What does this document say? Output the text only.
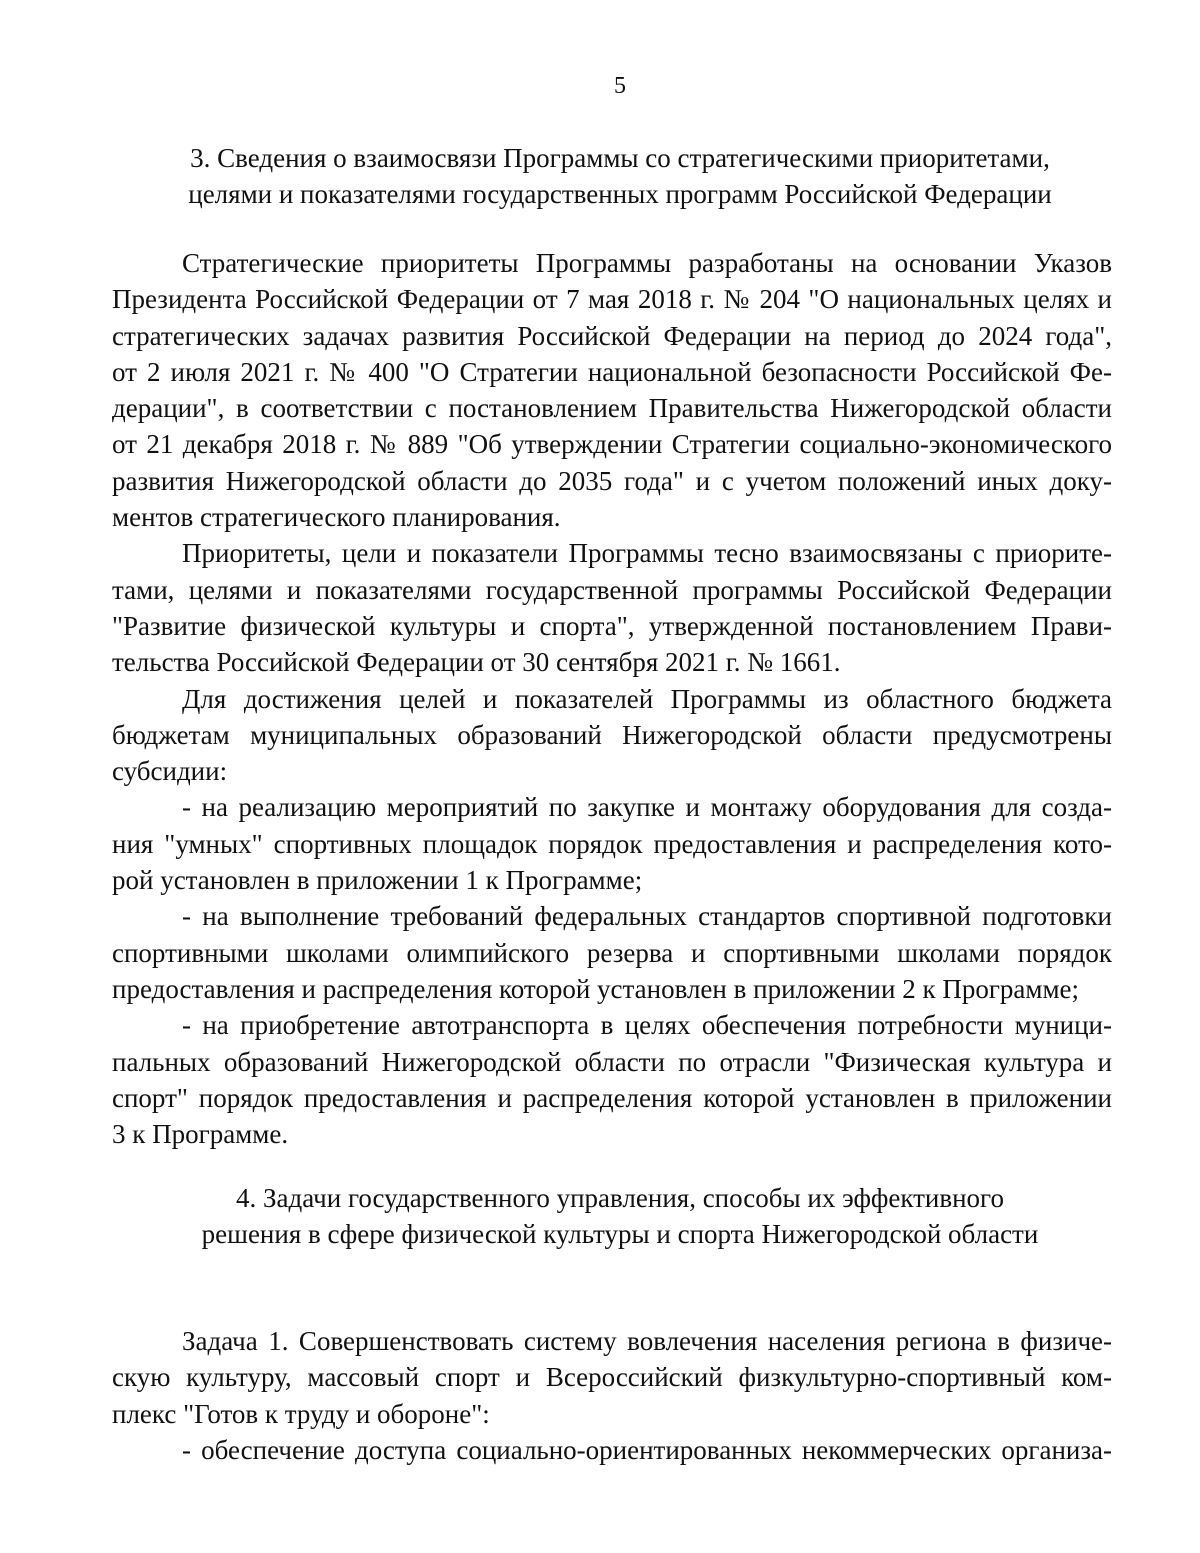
5
3. Сведения о взаимосвязи Программы со стратегическими приоритетами,
целями и показателями государственных программ Российской Федерации
Стратегические приоритеты Программы разработаны на основании Указов
Президента Российской Федерации от 7 мая 2018 г. № 204 "О национальных целях и
стратегических задачах развития Российской Федерации на период до 2024 года",
от 2 июля 2021 г. № 400 "О Стратегии национальной безопасности Российской Фе-
дерации", в соответствии с постановлением Правительства Нижегородской области
от 21 декабря 2018 г. № 889 "Об утверждении Стратегии социально-экономического
развития Нижегородской области до 2035 года" и с учетом положений иных доку-
ментов стратегического планирования.
Приоритеты, цели и показатели Программы тесно взаимосвязаны с приорите-
тами, целями и показателями государственной программы Российской Федерации
"Развитие физической культуры и спорта", утвержденной постановлением Прави-
тельства Российской Федерации от 30 сентября 2021 г. № 1661.
Для достижения целей и показателей Программы из областного бюджета
бюджетам муниципальных образований Нижегородской области предусмотрены
субсидии:
- на реализацию мероприятий по закупке и монтажу оборудования для созда-
ния "умных" спортивных площадок порядок предоставления и распределения кото-
рой установлен в приложении 1 к Программе;
- на выполнение требований федеральных стандартов спортивной подготовки
спортивными школами олимпийского резерва и спортивными школами порядок
предоставления и распределения которой установлен в приложении 2 к Программе;
- на приобретение автотранспорта в целях обеспечения потребности муници-
пальных образований Нижегородской области по отрасли "Физическая культура и
спорт" порядок предоставления и распределения которой установлен в приложении
3 к Программе.
4. Задачи государственного управления, способы их эффективного
решения в сфере физической культуры и спорта Нижегородской области
Задача 1. Совершенствовать систему вовлечения населения региона в физиче-
скую культуру, массовый спорт и Всероссийский физкультурно-спортивный ком-
плекс "Готов к труду и обороне":
- обеспечение доступа социально-ориентированных некоммерческих организа-
